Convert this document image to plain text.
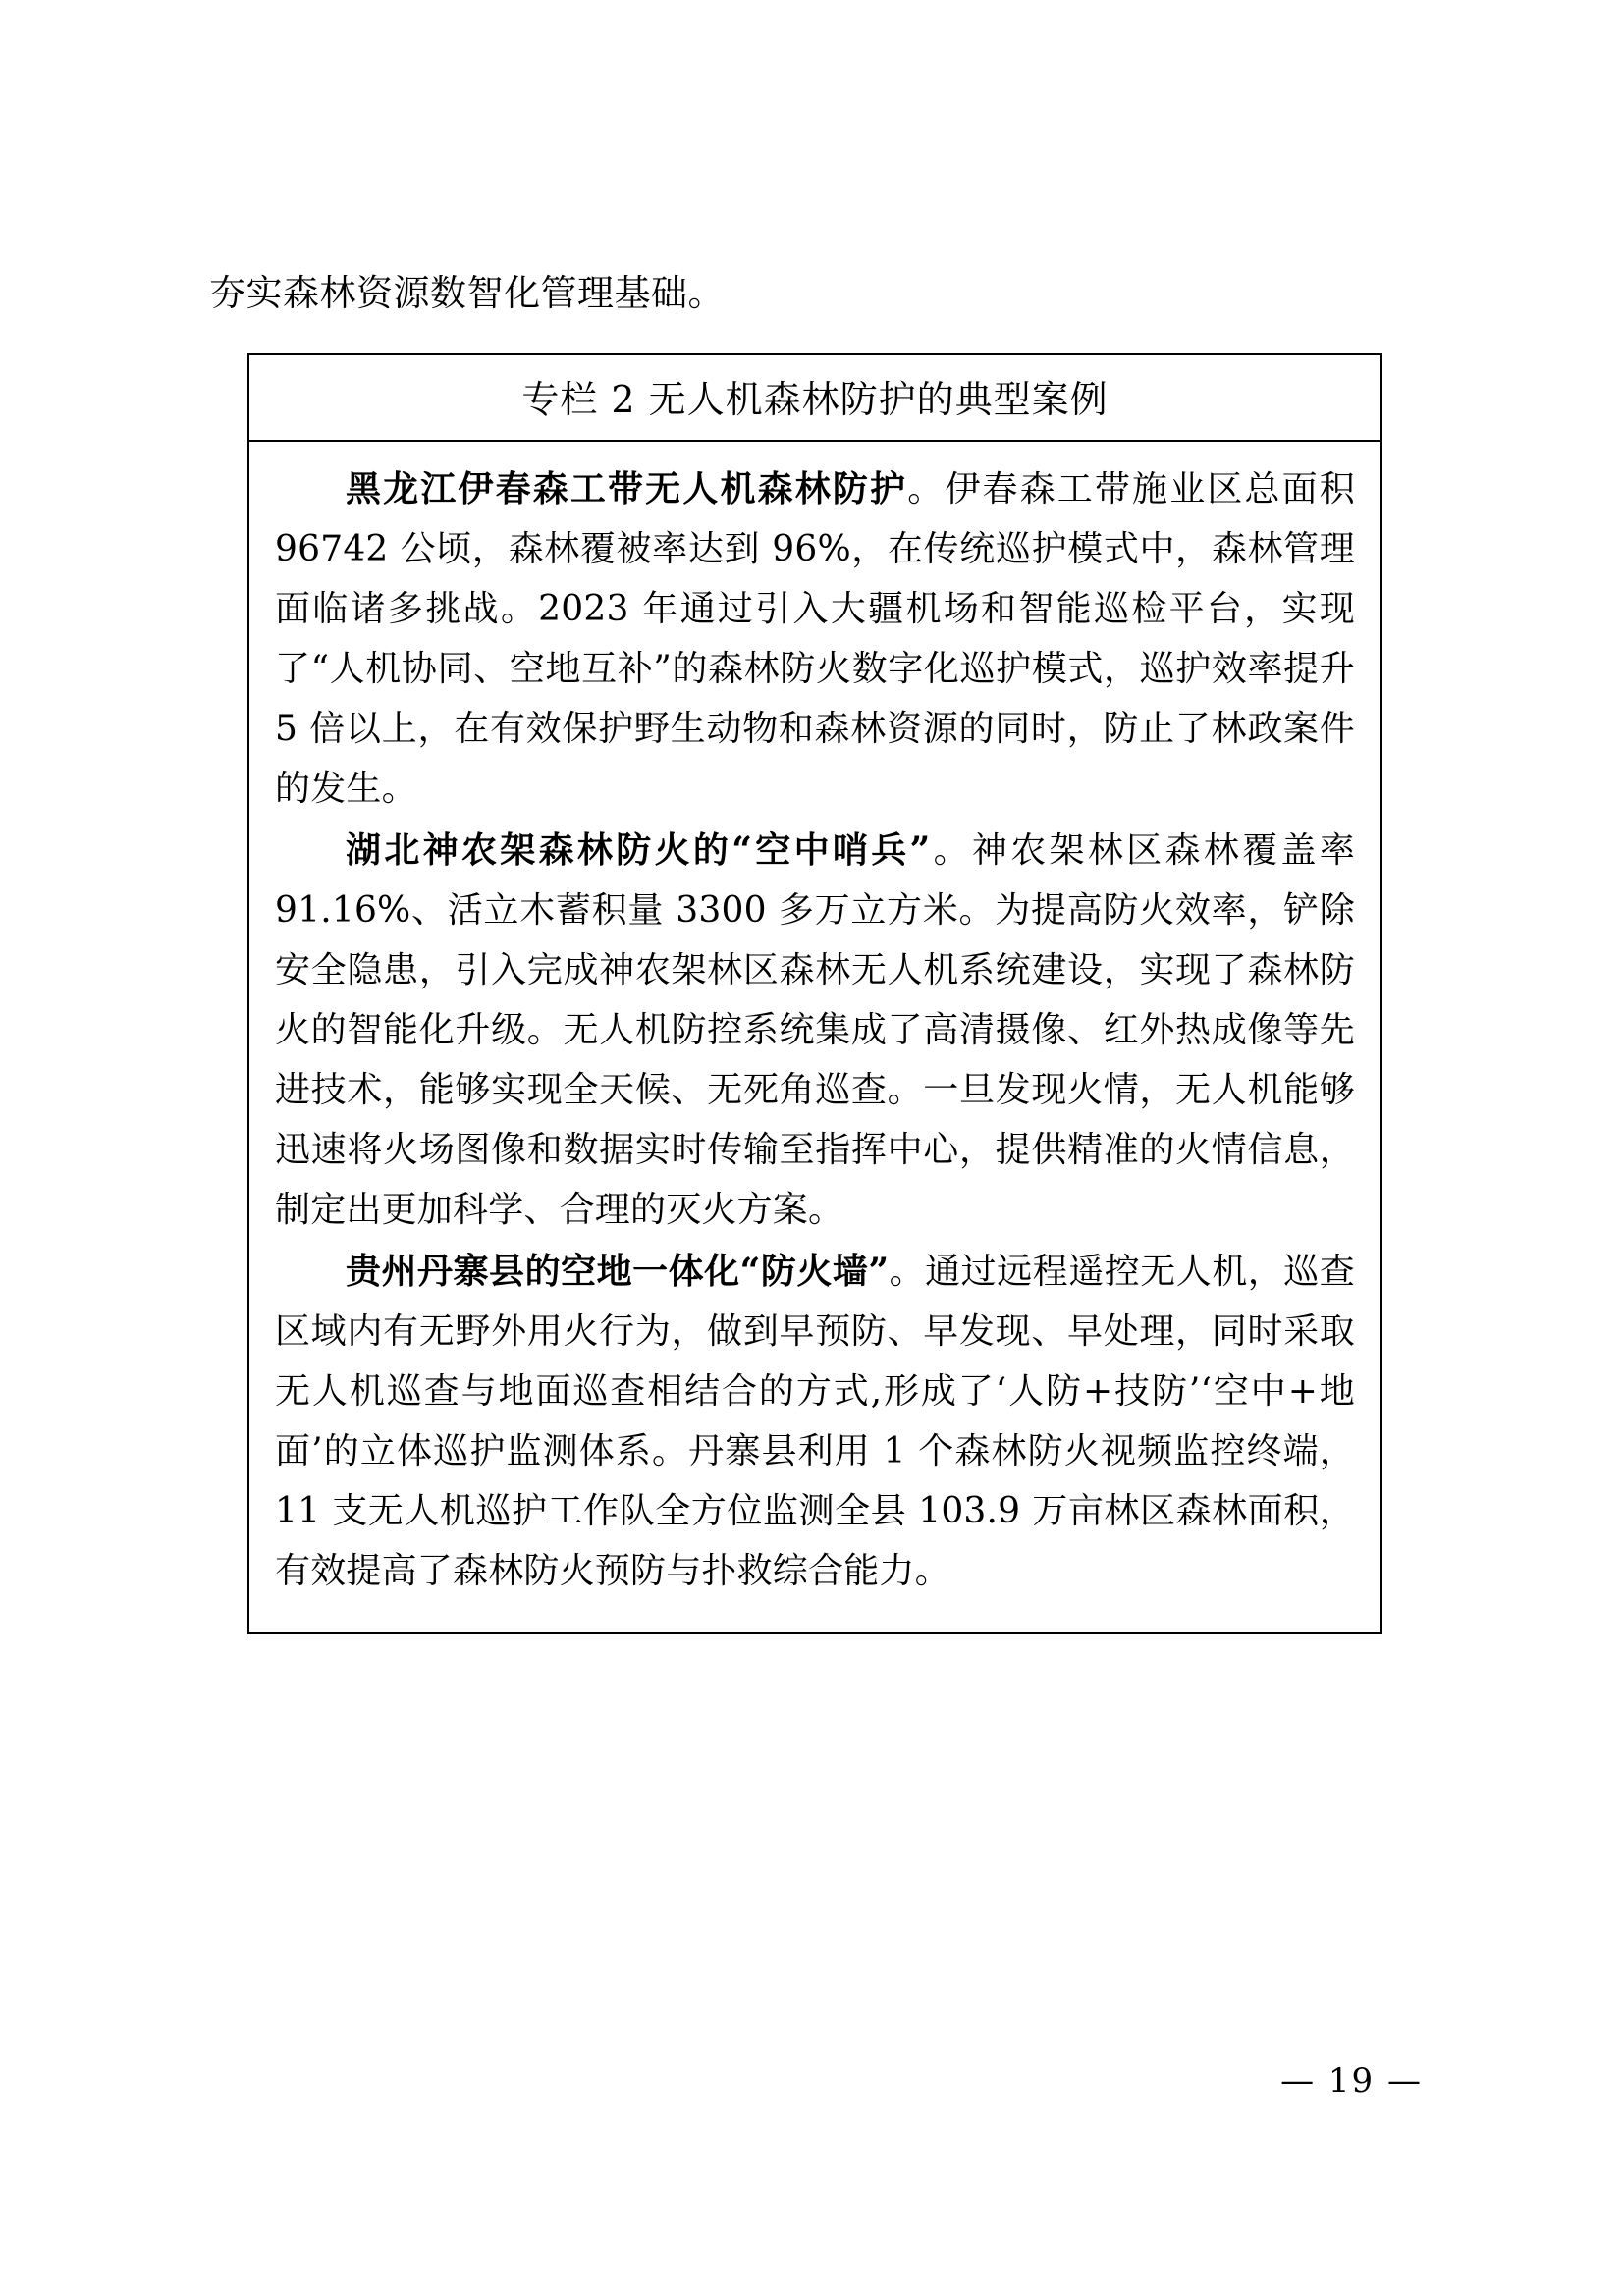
夯实森林资源数智化管理基础。
专栏 2 无人机森林防护的典型案例

黑龙江伊春森工带无人机森林防护。伊春森工带施业区总面积 96742 公顷，森林覆被率达到 96%，在传统巡护模式中，森林管理面临诸多挑战。2023 年通过引入大疆机场和智能巡检平台，实现了“人机协同、空地互补”的森林防火数字化巡护模式，巡护效率提升 5 倍以上，在有效保护野生动物和森林资源的同时，防止了林政案件的发生。

湖北神农架森林防火的“空中哨兵”。神农架林区森林覆盖率 91.16%、活立木蓄积量 3300 多万立方米。为提高防火效率，铲除安全隐患，引入完成神农架林区森林无人机系统建设，实现了森林防火的智能化升级。无人机防控系统集成了高清摄像、红外热成像等先进技术，能够实现全天候、无死角巡查。一旦发现火情，无人机能够迅速将火场图像和数据实时传输至指挥中心，提供精准的火情信息，制定出更加科学、合理的灭火方案。

贵州丹寨县的空地一体化“防火墙”。通过远程遥控无人机，巡查区域内有无野外用火行为，做到早预防、早发现、早处理，同时采取无人机巡查与地面巡查相结合的方式,形成了‘人防+技防’‘空中+地面’的立体巡护监测体系。丹寨县利用 1 个森林防火视频监控终端，11 支无人机巡护工作队全方位监测全县 103.9 万亩林区森林面积，有效提高了森林防火预防与扑救综合能力。

— 19 —
